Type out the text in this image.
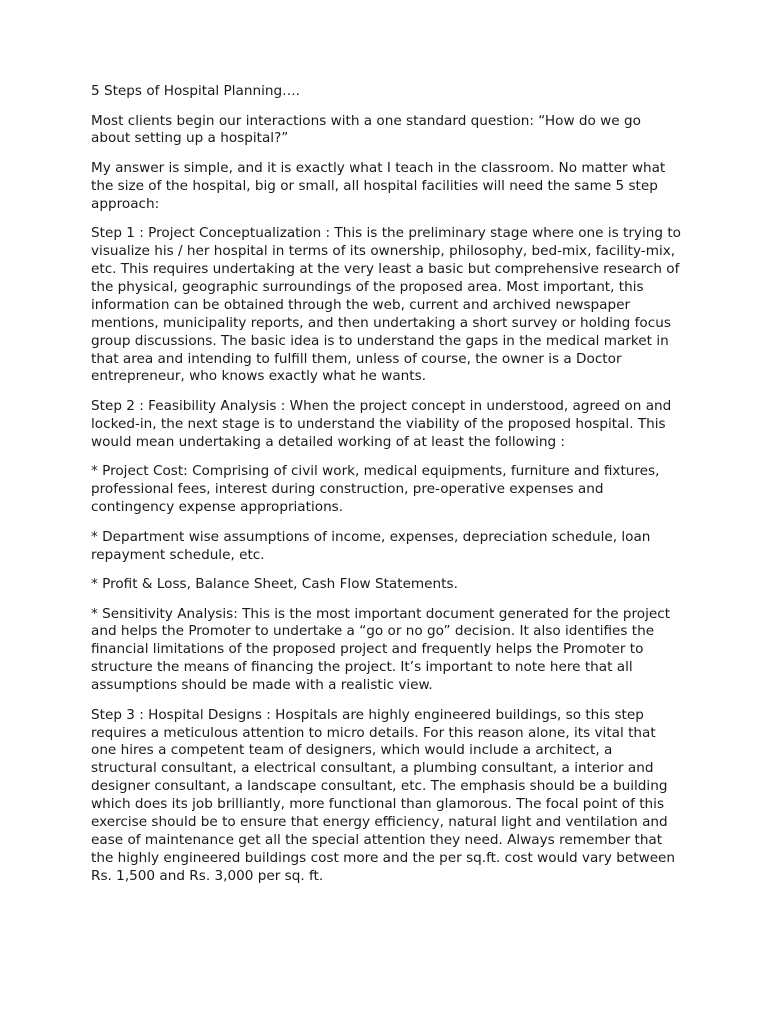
5 Steps of Hospital Planning….

Most clients begin our interactions with a one standard question: “How do we go about setting up a hospital?”

My answer is simple, and it is exactly what I teach in the classroom. No matter what the size of the hospital, big or small, all hospital facilities will need the same 5 step approach:

Step 1 : Project Conceptualization : This is the preliminary stage where one is trying to visualize his / her hospital in terms of its ownership, philosophy, bed-mix, facility-mix, etc. This requires undertaking at the very least a basic but comprehensive research of the physical, geographic surroundings of the proposed area. Most important, this information can be obtained through the web, current and archived newspaper mentions, municipality reports, and then undertaking a short survey or holding focus group discussions. The basic idea is to understand the gaps in the medical market in that area and intending to fulfill them, unless of course, the owner is a Doctor entrepreneur, who knows exactly what he wants.

Step 2 : Feasibility Analysis : When the project concept in understood, agreed on and locked-in, the next stage is to understand the viability of the proposed hospital. This would mean undertaking a detailed working of at least the following :

* Project Cost: Comprising of civil work, medical equipments, furniture and fixtures, professional fees, interest during construction, pre-operative expenses and contingency expense appropriations.

* Department wise assumptions of income, expenses, depreciation schedule, loan repayment schedule, etc.

* Profit & Loss, Balance Sheet, Cash Flow Statements.

* Sensitivity Analysis: This is the most important document generated for the project and helps the Promoter to undertake a “go or no go” decision. It also identifies the financial limitations of the proposed project and frequently helps the Promoter to structure the means of financing the project. It’s important to note here that all assumptions should be made with a realistic view.

Step 3 : Hospital Designs : Hospitals are highly engineered buildings, so this step requires a meticulous attention to micro details. For this reason alone, its vital that one hires a competent team of designers, which would include a architect, a structural consultant, a electrical consultant, a plumbing consultant, a interior and designer consultant, a landscape consultant, etc. The emphasis should be a building which does its job brilliantly, more functional than glamorous. The focal point of this exercise should be to ensure that energy efficiency, natural light and ventilation and ease of maintenance get all the special attention they need. Always remember that the highly engineered buildings cost more and the per sq.ft. cost would vary between Rs. 1,500 and Rs. 3,000 per sq. ft.
